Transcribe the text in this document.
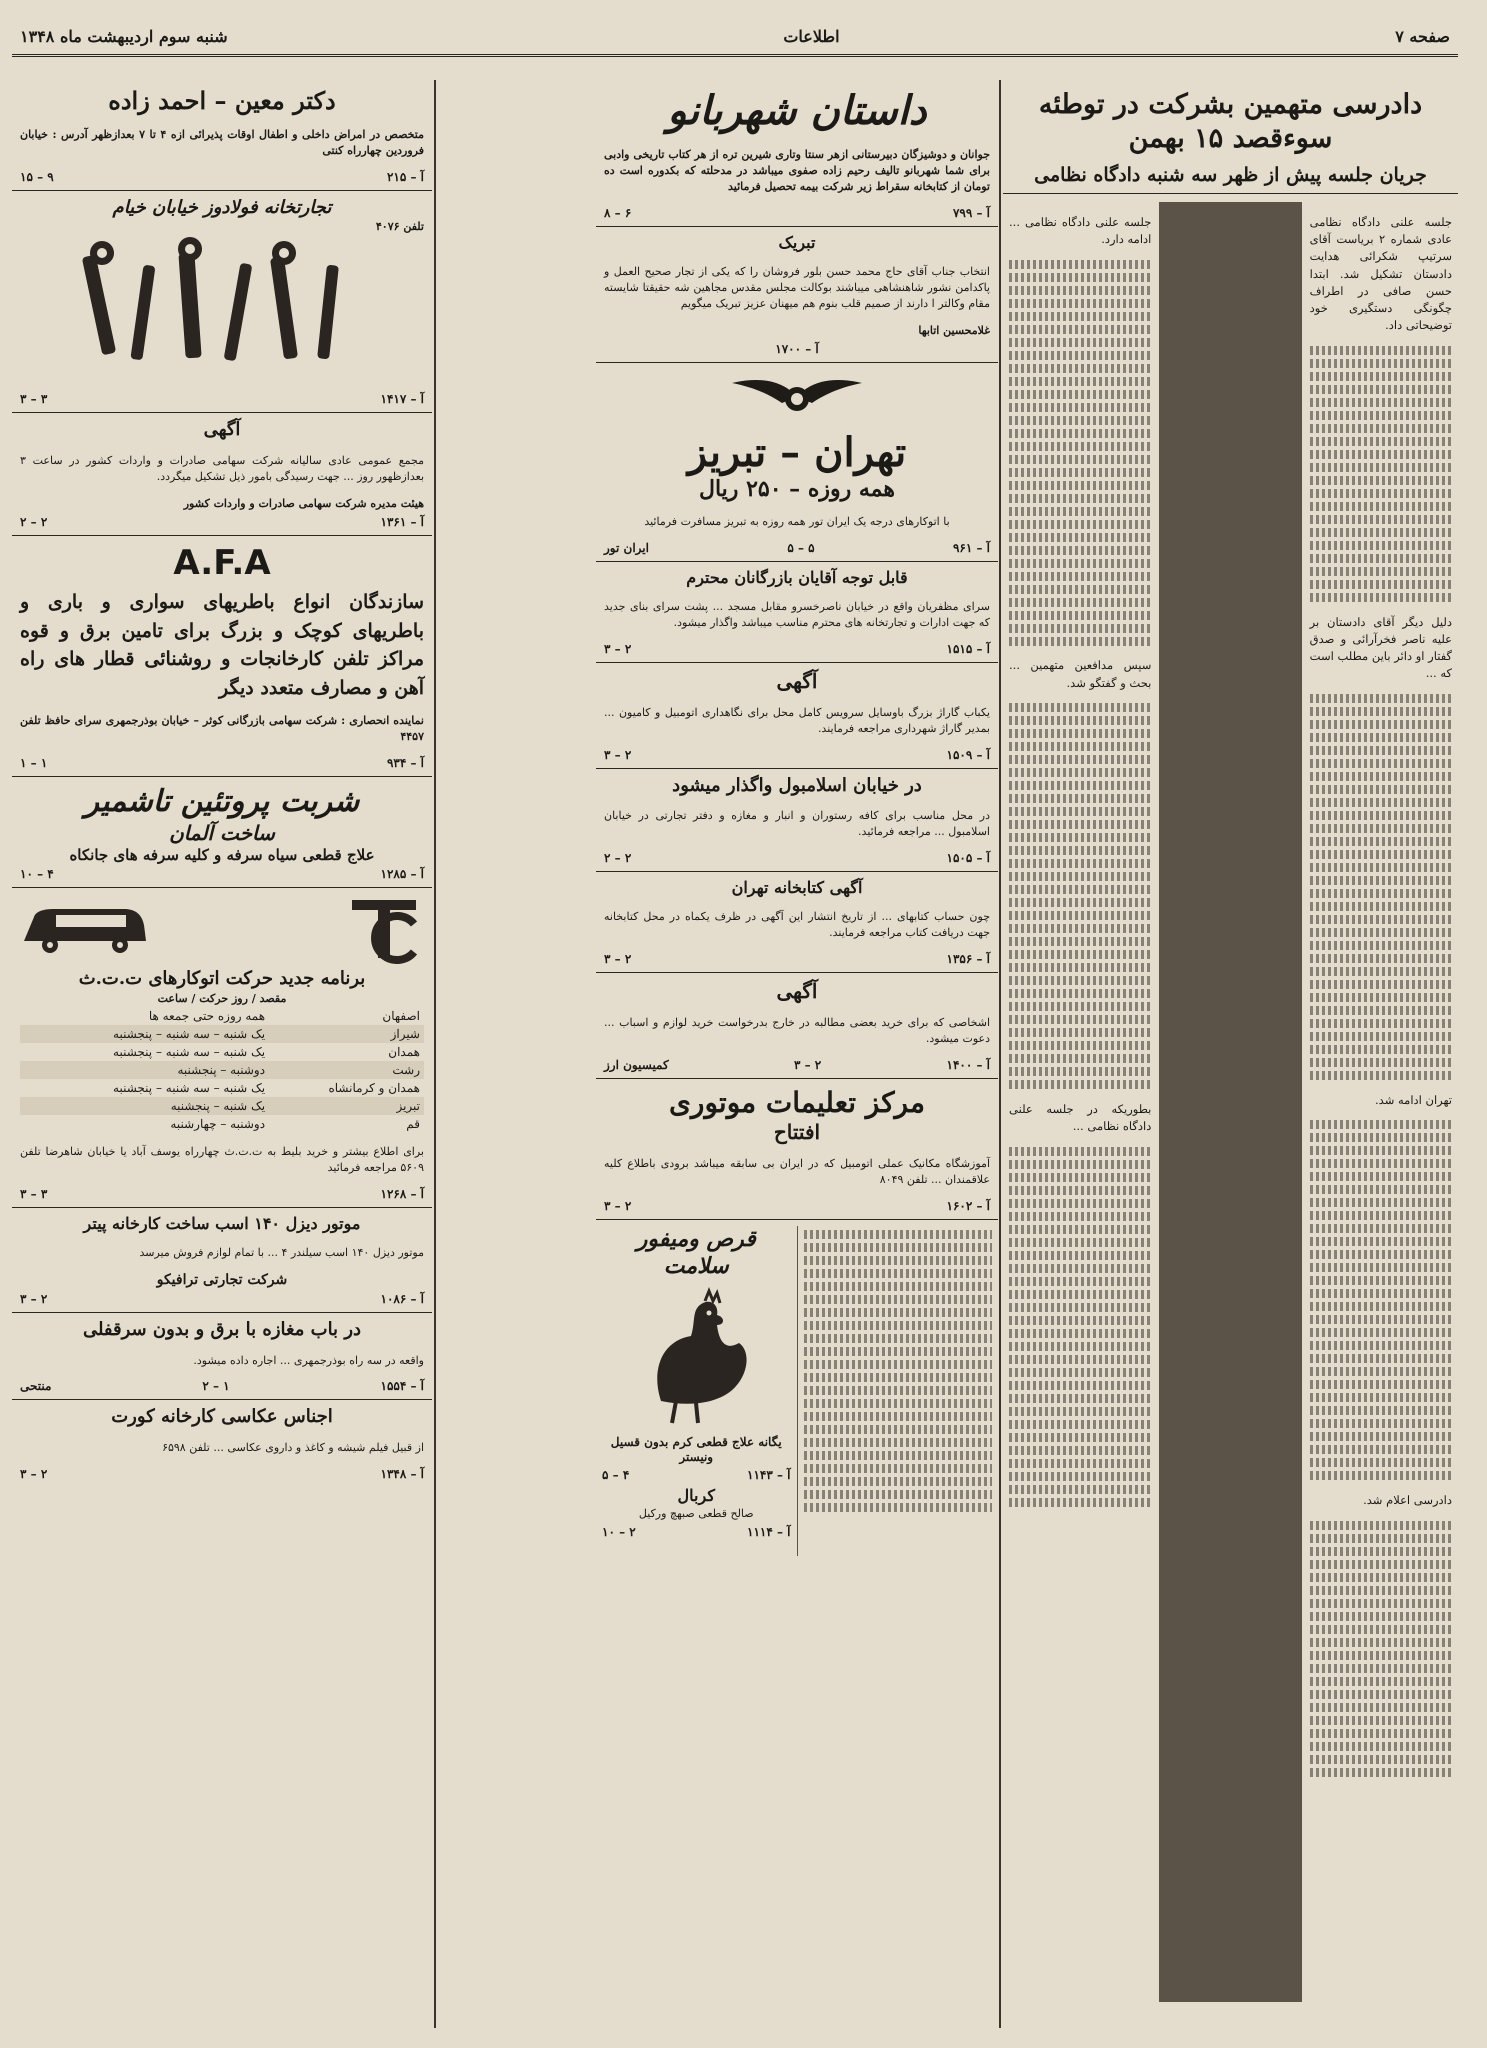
صفحه ۷
اطلاعات
شنبه سوم اردیبهشت ماه ۱۳۴۸
دادرسی متهمین بشرکت در توطئه سوءقصد ۱۵ بهمن
جریان جلسه پیش از ظهر سه شنبه دادگاه نظامی

جلسه علنی دادگاه نظامی عادی شماره ۲ بریاست آقای سرتیپ شکرائی هدایت دادستان تشکیل شد. ابتدا حسن صافی در اطراف چگونگی دستگیری خود توضیحاتی داد.

دلیل دیگر آقای دادستان بر علیه ناصر فخرآرائی و صدق گفتار او دائر باین مطلب است که ...

تهران ادامه شد.

دادرسی اعلام شد.

جلسه علنی دادگاه نظامی ... ادامه دارد.

سپس مدافعین متهمین ... بحث و گفتگو شد.

بطوریکه در جلسه علنی دادگاه نظامی ...

داستان شهربانو

جوانان و دوشیزگان دبیرستانی ازهر سنتا وتاری شیرین تره از هر کتاب تاریخی وادبی برای شما شهربانو تالیف رحیم زاده صفوی میباشد در مدحلته که بکدوره است ده تومان از کتابخانه سقراط زیر شرکت بیمه تحصیل فرمائید

آ – ۷۹۹
۶ – ۸
تبریک

انتخاب جناب آقای حاج محمد حسن بلور فروشان را که یکی از تجار صحیح العمل و پاکدامن نشور شاهنشاهی میباشند بوکالت مجلس مقدس مجاهین شه حقیقتا شایسته مقام وکالتر ا دارند از صمیم قلب بنوم هم میهنان عزیز تبریک میگویم

غلامحسین اتابها
آ – ۱۷۰۰
تهران – تبریز
همه روزه – ۲۵۰ ریال

با اتوکارهای درجه یک ایران تور همه روزه به تبریز مسافرت فرمائید

آ – ۹۶۱
۵ – ۵
ایران تور
قابل توجه آقایان بازرگانان محترم

سرای مظفریان واقع در خیابان ناصرخسرو مقابل مسجد ... پشت سرای بنای جدید که جهت ادارات و تجارتخانه های محترم مناسب میباشد واگذار میشود.

آ – ۱۵۱۵
۲ – ۳
آگهی

یکباب گاراژ بزرگ باوسایل سرویس کامل محل برای نگاهداری اتومبیل و کامیون ... بمدیر گاراژ شهرداری مراجعه فرمایند.

آ – ۱۵۰۹
۲ – ۳
در خیابان اسلامبول واگذار میشود

در محل مناسب برای کافه رستوران و انبار و مغازه و دفتر تجارتی در خیابان اسلامبول ... مراجعه فرمائید.

آ – ۱۵۰۵
۲ – ۲
آگهی کتابخانه تهران

چون حساب کتابهای ... از تاریخ انتشار این آگهی در ظرف یکماه در محل کتابخانه جهت دریافت کتاب مراجعه فرمایند.

آ – ۱۳۵۶
۲ – ۳
آگهی

اشخاصی که برای خرید بعضی مطالبه در خارج بدرخواست خرید لوازم و اسباب ... دعوت میشود.

آ – ۱۴۰۰
۲ – ۳
کمیسیون ارز
مرکز تعلیمات موتوری
افتتاح

آموزشگاه مکانیک عملی اتومبیل که در ایران بی سابقه میباشد برودی باطلاع کلیه علاقمندان ... تلفن ۸۰۴۹

آ – ۱۶۰۲
۲ – ۳
قرص ومیفور سلامت
یگانه علاج قطعی کرم بدون قسیل ونیستر
آ – ۱۱۴۳
۴ – ۵
کربال
صالح قطعی صبهچ ورکیل
آ – ۱۱۱۴
۲ – ۱۰
دکتر معین – احمد زاده

متخصص در امراض داخلی و اطفال اوقات پذیرائی ازه ۴ تا ۷ بعدازظهر آدرس : خیابان فروردین چهارراه کنتی

آ – ۲۱۵
۹ – ۱۵
تجارتخانه فولادوز خیابان خیام
تلفن ۴۰۷۶
آ – ۱۴۱۷
۳ – ۳
آگهی

مجمع عمومی عادی سالیانه شرکت سهامی صادرات و واردات کشور در ساعت ۳ بعدازظهور روز ... جهت رسیدگی بامور ذیل تشکیل میگردد.

هیئت مدیره شرکت سهامی صادرات و واردات کشور
آ – ۱۳۶۱
۲ – ۲
A.F.A

سازندگان انواع باطریهای سواری و باری و باطریهای کوچک و بزرگ برای تامین برق و قوه مراکز تلفن کارخانجات و روشنائی قطار های راه آهن و مصارف متعدد دیگر

نماینده انحصاری : شرکت سهامی بازرگانی کوثر – خیابان بوذرجمهری سرای حافظ تلفن ۴۴۵۷

آ – ۹۳۴
۱ – ۱
شربت پروتئین تاشمیر
ساخت آلمان
علاج قطعی سیاه سرفه و کلیه سرفه های جانکاه
آ – ۱۲۸۵
۴ – ۱۰
برنامه جدید حرکت اتوکارهای ت.ت.ث
مقصد / روز حرکت / ساعت
اصفهان	همه روزه حتی جمعه ها
شیراز	یک شنبه – سه شنبه – پنجشنبه
همدان	یک شنبه – سه شنبه – پنجشنبه
رشت	دوشنبه – پنجشنبه
همدان و کرمانشاه	یک شنبه – سه شنبه – پنجشنبه
تبریز	یک شنبه – پنجشنبه
قم	دوشنبه – چهارشنبه

برای اطلاع بیشتر و خرید بلیط به ت.ت.ث چهارراه یوسف آباد یا خیابان شاهرضا تلفن ۵۶۰۹ مراجعه فرمائید

آ – ۱۲۶۸
۳ – ۳
موتور دیزل ۱۴۰ اسب ساخت کارخانه پیتر

موتور دیزل ۱۴۰ اسب سیلندر ۴ ... با تمام لوازم فروش میرسد

شرکت تجارتی ترافیکو
آ – ۱۰۸۶
۲ – ۳
در باب مغازه با برق و بدون سرقفلی

واقعه در سه راه بوذرجمهری ... اجاره داده میشود.

آ – ۱۵۵۴
۱ – ۲
منتحی
اجناس عکاسی کارخانه کورت

از قبیل فیلم شیشه و کاغذ و داروی عکاسی ... تلفن ۶۵۹۸

آ – ۱۳۴۸
۲ – ۳
